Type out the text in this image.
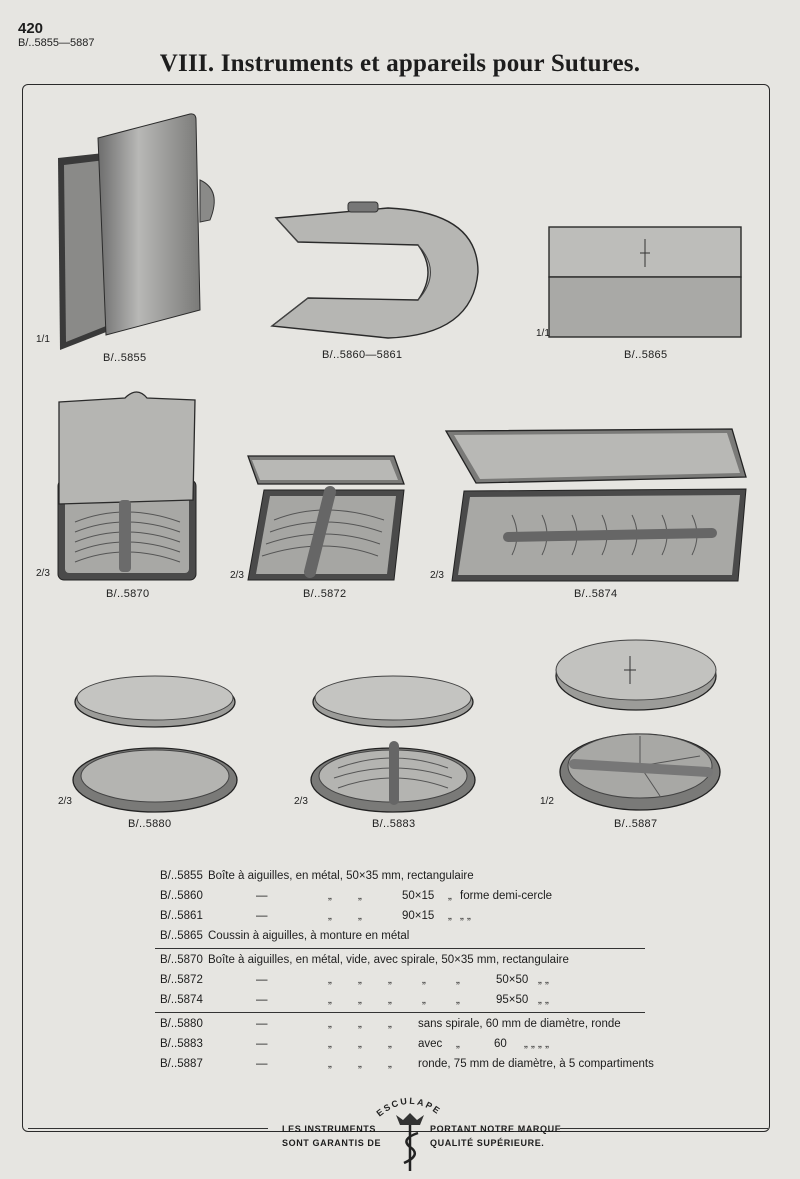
420
B/..5855—5887
VIII. Instruments et appareils pour Sutures.
1/1
B/..5855	B/..5860—5861
1/1
B/..5865
2/3
B/..5870
2/3
B/..5872
2/3
B/..5874
2/3
B/..5880
2/3
B/..5883
1/2
B/..5887
B/..5855 Boîte à aiguilles, en métal, 50×35 mm, rectangulaire
B/..5860	—	„ „	50×15 „ forme demi-cercle
B/..5861	—	„ „	90×15 „ „ „
B/..5865 Coussin à aiguilles, à monture en métal
B/..5870 Boîte à aiguilles, en métal, vide, avec spirale, 50×35 mm, rectangulaire
B/..5872	—	„ „ „	„	„	50×50 „ „
B/..5874	—	„ „ „	„	„	95×50 „ „
B/..5880	—	„ „ „ sans spirale, 60 mm de diamètre, ronde
B/..5883	—	„ „ „ avec „	60 „ „ „ „
B/..5887	—	„ „ „ ronde, 75 mm de diamètre, à 5 compartiments
ESCULAPE
LES INSTRUMENTS
SONT GARANTIS DE
PORTANT NOTRE MARQUE
QUALITÉ SUPÉRIEURE.
